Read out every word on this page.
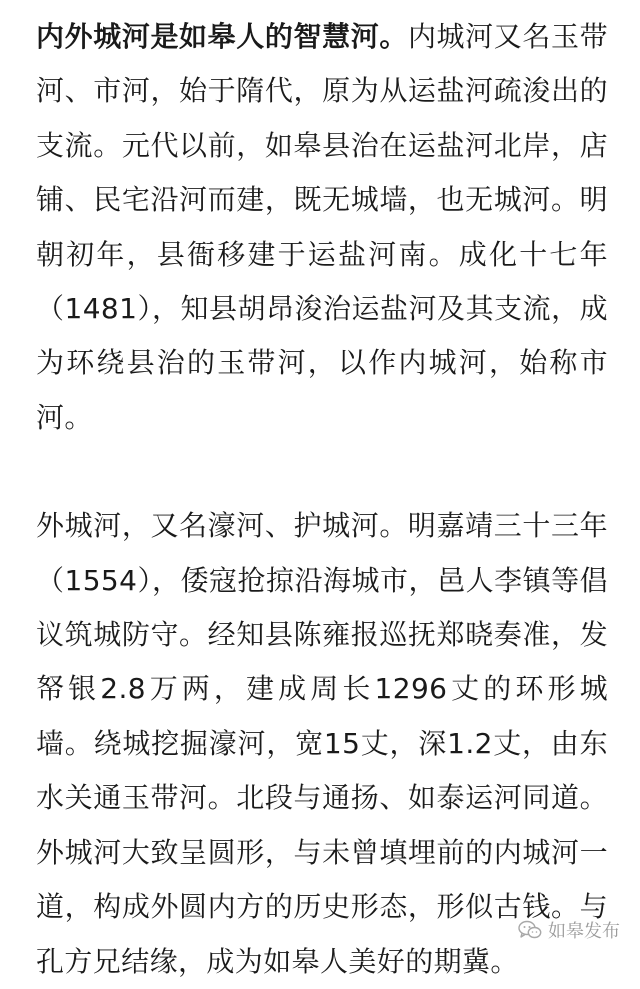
内外城河是如皋人的智慧河。内城河又名玉带河、市河，始于隋代，原为从运盐河疏浚出的支流。元代以前，如皋县治在运盐河北岸，店铺、民宅沿河而建，既无城墙，也无城河。明朝初年，县衙移建于运盐河南。成化十七年（1481），知县胡昂浚治运盐河及其支流，成为环绕县治的玉带河，以作内城河，始称市河。

外城河，又名濠河、护城河。明嘉靖三十三年（1554），倭寇抢掠沿海城市，邑人李镇等倡议筑城防守。经知县陈雍报巡抚郑晓奏准，发帑银2.8万两，建成周长1296丈的环形城墙。绕城挖掘濠河，宽15丈，深1.2丈，由东水关通玉带河。北段与通扬、如泰运河同道。外城河大致呈圆形，与未曾填埋前的内城河一道，构成外圆内方的历史形态，形似古钱。与孔方兄结缘，成为如皋人美好的期冀。

如皋发布
